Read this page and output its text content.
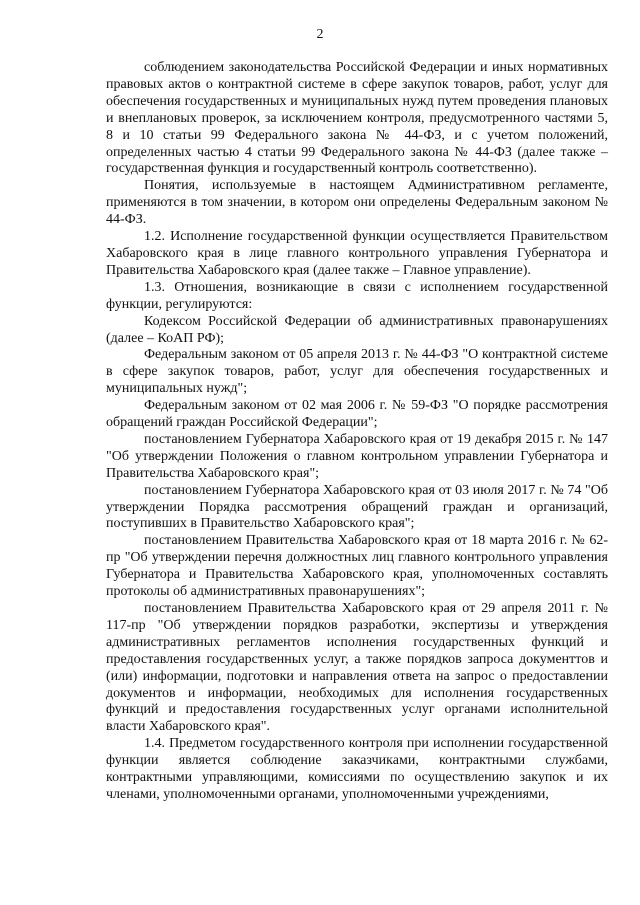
2

соблюдением законодательства Российской Федерации и иных нормативных правовых актов о контрактной системе в сфере закупок товаров, работ, услуг для обеспечения государственных и муниципальных нужд путем проведения плановых и внеплановых проверок, за исключением контроля, предусмотренного частями 5, 8 и 10 статьи 99 Федерального закона № 44-ФЗ, и с учетом положений, определенных частью 4 статьи 99 Федерального закона № 44-ФЗ (далее также – государственная функция и государственный контроль соответственно).

Понятия, используемые в настоящем Административном регламенте, применяются в том значении, в котором они определены Федеральным законом № 44-ФЗ.

1.2. Исполнение государственной функции осуществляется Правительством Хабаровского края в лице главного контрольного управления Губернатора и Правительства Хабаровского края (далее также – Главное управление).

1.3. Отношения, возникающие в связи с исполнением государственной функции, регулируются:

Кодексом Российской Федерации об административных правонарушениях (далее – КоАП РФ);

Федеральным законом от 05 апреля 2013 г. № 44-ФЗ "О контрактной системе в сфере закупок товаров, работ, услуг для обеспечения государственных и муниципальных нужд";

Федеральным законом от 02 мая 2006 г. № 59-ФЗ "О порядке рассмотрения обращений граждан Российской Федерации";

постановлением Губернатора Хабаровского края от 19 декабря 2015 г. № 147 "Об утверждении Положения о главном контрольном управлении Губернатора и Правительства Хабаровского края";

постановлением Губернатора Хабаровского края от 03 июля 2017 г. № 74 "Об утверждении Порядка рассмотрения обращений граждан и организаций, поступивших в Правительство Хабаровского края";

постановлением Правительства Хабаровского края от 18 марта 2016 г. № 62-пр "Об утверждении перечня должностных лиц главного контрольного управления Губернатора и Правительства Хабаровского края, уполномоченных составлять протоколы об административных правонарушениях";

постановлением Правительства Хабаровского края от 29 апреля 2011 г. № 117-пр "Об утверждении порядков разработки, экспертизы и утверждения административных регламентов исполнения государственных функций и предоставления государственных услуг, а также порядков запроса документтов и (или) информации, подготовки и направления ответа на запрос о предоставлении документов и информации, необходимых для исполнения государственных функций и предоставления государственных услуг органами исполнительной власти Хабаровского края".

1.4. Предметом государственного контроля при исполнении государственной функции является соблюдение заказчиками, контрактными службами, контрактными управляющими, комиссиями по осуществлению закупок и их членами, уполномоченными органами, уполномоченными учреждениями,
